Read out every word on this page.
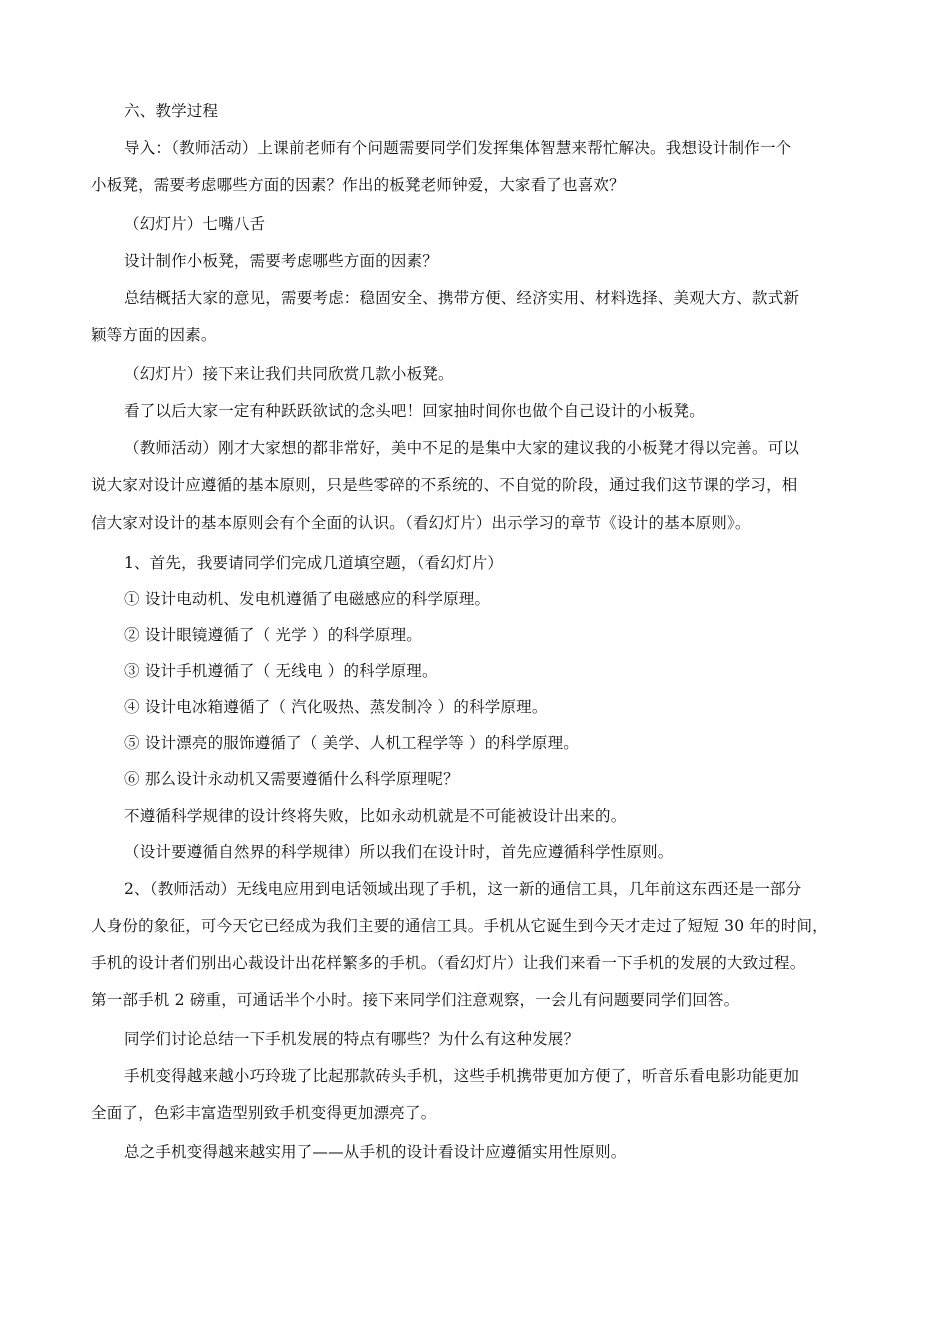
六、教学过程
导入：（教师活动）上课前老师有个问题需要同学们发挥集体智慧来帮忙解决。我想设计制作一个
小板凳，需要考虑哪些方面的因素？作出的板凳老师钟爱，大家看了也喜欢？
（幻灯片）七嘴八舌
设计制作小板凳，需要考虑哪些方面的因素？
总结概括大家的意见，需要考虑：稳固安全、携带方便、经济实用、材料选择、美观大方、款式新
颖等方面的因素。
（幻灯片）接下来让我们共同欣赏几款小板凳。
看了以后大家一定有种跃跃欲试的念头吧！回家抽时间你也做个自己设计的小板凳。
（教师活动）刚才大家想的都非常好，美中不足的是集中大家的建议我的小板凳才得以完善。可以
说大家对设计应遵循的基本原则，只是些零碎的不系统的、不自觉的阶段，通过我们这节课的学习，相
信大家对设计的基本原则会有个全面的认识。（看幻灯片）出示学习的章节《设计的基本原则》。
1、首先，我要请同学们完成几道填空题，（看幻灯片）
① 设计电动机、发电机遵循了电磁感应的科学原理。
② 设计眼镜遵循了（ 光学 ）的科学原理。
③ 设计手机遵循了（ 无线电 ）的科学原理。
④ 设计电冰箱遵循了（ 汽化吸热、蒸发制冷 ）的科学原理。
⑤ 设计漂亮的服饰遵循了（ 美学、人机工程学等 ）的科学原理。
⑥ 那么设计永动机又需要遵循什么科学原理呢？
不遵循科学规律的设计终将失败，比如永动机就是不可能被设计出来的。
（设计要遵循自然界的科学规律）所以我们在设计时，首先应遵循科学性原则。
2、（教师活动）无线电应用到电话领域出现了手机，这一新的通信工具，几年前这东西还是一部分
人身份的象征，可今天它已经成为我们主要的通信工具。手机从它诞生到今天才走过了短短 30 年的时间，
手机的设计者们别出心裁设计出花样繁多的手机。（看幻灯片）让我们来看一下手机的发展的大致过程。
第一部手机 2 磅重，可通话半个小时。接下来同学们注意观察，一会儿有问题要同学们回答。
同学们讨论总结一下手机发展的特点有哪些？为什么有这种发展？
手机变得越来越小巧玲珑了比起那款砖头手机，这些手机携带更加方便了，听音乐看电影功能更加
全面了，色彩丰富造型别致手机变得更加漂亮了。
总之手机变得越来越实用了——从手机的设计看设计应遵循实用性原则。
